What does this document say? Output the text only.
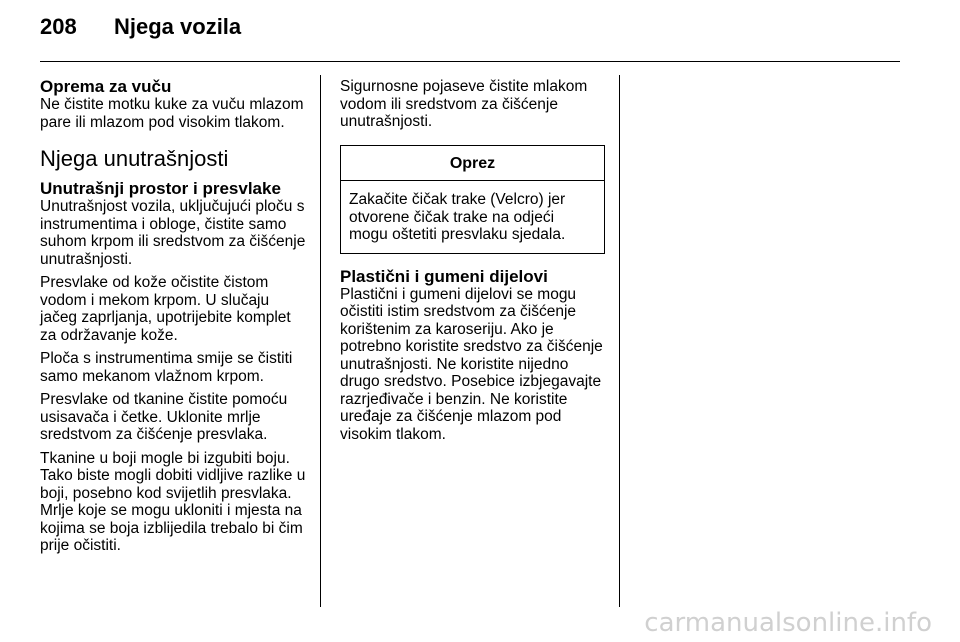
208 Njega vozila
Oprema za vuču
Ne čistite motku kuke za vuču mlazom pare ili mlazom pod visokim tlakom.
Njega unutrašnjosti
Unutrašnji prostor i presvlake
Unutrašnjost vozila, uključujući ploču s instrumentima i obloge, čistite samo suhom krpom ili sredstvom za čišćenje unutrašnjosti.
Presvlake od kože očistite čistom vodom i mekom krpom. U slučaju jačeg zaprljanja, upotrijebite komplet za održavanje kože.
Ploča s instrumentima smije se čistiti samo mekanom vlažnom krpom.
Presvlake od tkanine čistite pomoću usisavača i četke. Uklonite mrlje sredstvom za čišćenje presvlaka.
Tkanine u boji mogle bi izgubiti boju. Tako biste mogli dobiti vidljive razlike u boji, posebno kod svijetlih presvlaka. Mrlje koje se mogu ukloniti i mjesta na kojima se boja izblijedila trebalo bi čim prije očistiti.
Sigurnosne pojaseve čistite mlakom vodom ili sredstvom za čišćenje unutrašnjosti.
Oprez
Zakačite čičak trake (Velcro) jer otvorene čičak trake na odjeći mogu oštetiti presvlaku sjedala.
Plastični i gumeni dijelovi
Plastični i gumeni dijelovi se mogu očistiti istim sredstvom za čišćenje korištenim za karoseriju. Ako je potrebno koristite sredstvo za čišćenje unutrašnjosti. Ne koristite nijedno drugo sredstvo. Posebice izbjegavajte razrjeđivače i benzin. Ne koristite uređaje za čišćenje mlazom pod visokim tlakom.
carmanualsonline.info
